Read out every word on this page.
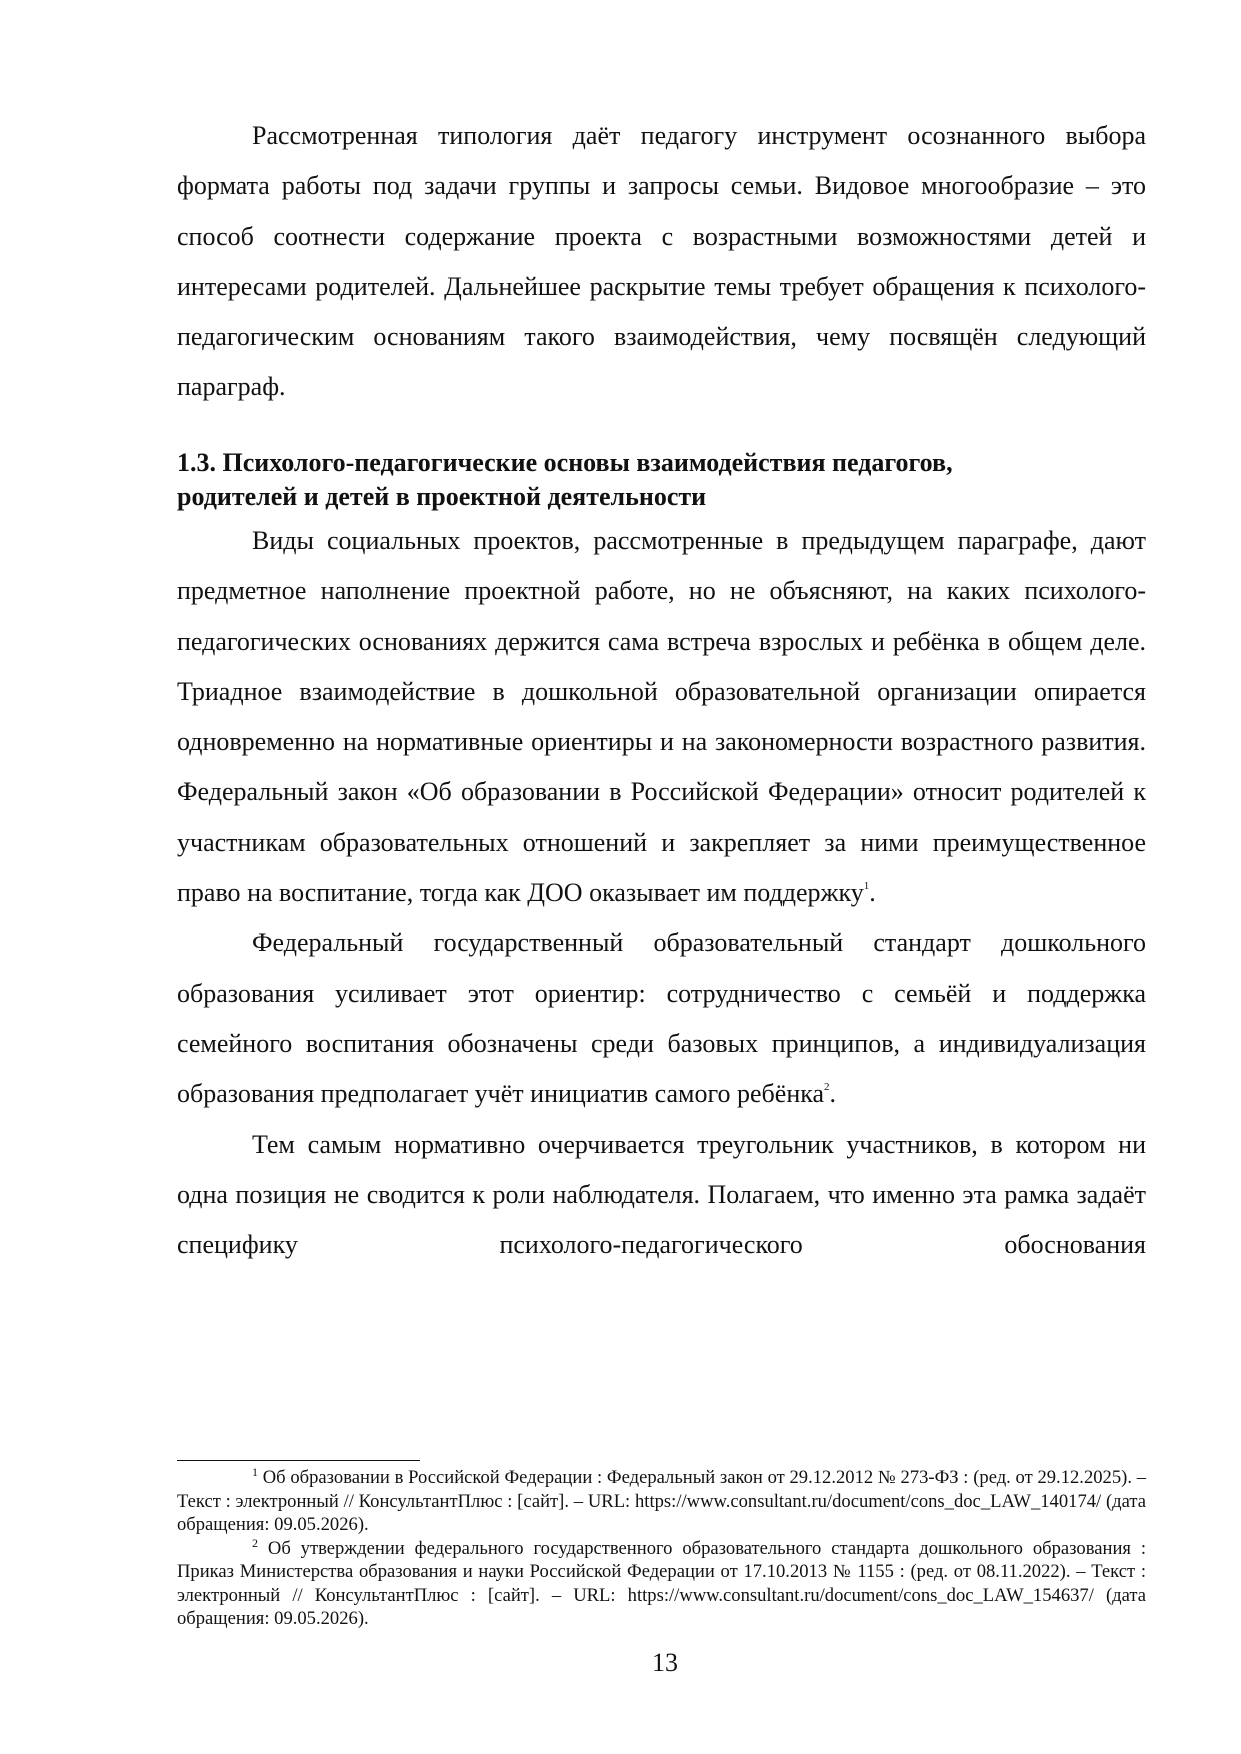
Рассмотренная типология даёт педагогу инструмент осознанного выбора формата работы под задачи группы и запросы семьи. Видовое многообразие – это способ соотнести содержание проекта с возрастными возможностями детей и интересами родителей. Дальнейшее раскрытие темы требует обращения к психолого-педагогическим основаниям такого взаимодействия, чему посвящён следующий параграф.

1.3. Психолого-педагогические основы взаимодействия педагогов,
родителей и детей в проектной деятельности

Виды социальных проектов, рассмотренные в предыдущем параграфе, дают предметное наполнение проектной работе, но не объясняют, на каких психолого-педагогических основаниях держится сама встреча взрослых и ребёнка в общем деле. Триадное взаимодействие в дошкольной образовательной организации опирается одновременно на нормативные ориентиры и на закономерности возрастного развития. Федеральный закон «Об образовании в Российской Федерации» относит родителей к участникам образовательных отношений и закрепляет за ними преимущественное право на воспитание, тогда как ДОО оказывает им поддержку$^1$.

Федеральный государственный образовательный стандарт дошкольного образования усиливает этот ориентир: сотрудничество с семьёй и поддержка семейного воспитания обозначены среди базовых принципов, а индивидуализация образования предполагает учёт инициатив самого ребёнка$^2$.

Тем самым нормативно очерчивается треугольник участников, в котором ни одна позиция не сводится к роли наблюдателя. Полагаем, что именно эта рамка задаёт специфику психолого-педагогического обоснования

$^1$ Об образовании в Российской Федерации : Федеральный закон от 29.12.2012 № 273-ФЗ : (ред. от 29.12.2025). – Текст : электронный // КонсультантПлюс : [сайт]. – URL: https://www.consultant.ru/document/cons_doc_LAW_140174/ (дата обращения: 09.05.2026).

$^2$ Об утверждении федерального государственного образовательного стандарта дошкольного образования : Приказ Министерства образования и науки Российской Федерации от 17.10.2013 № 1155 : (ред. от 08.11.2022). – Текст : электронный // КонсультантПлюс : [сайт]. – URL: https://www.consultant.ru/document/cons_doc_LAW_154637/ (дата обращения: 09.05.2026).

13
